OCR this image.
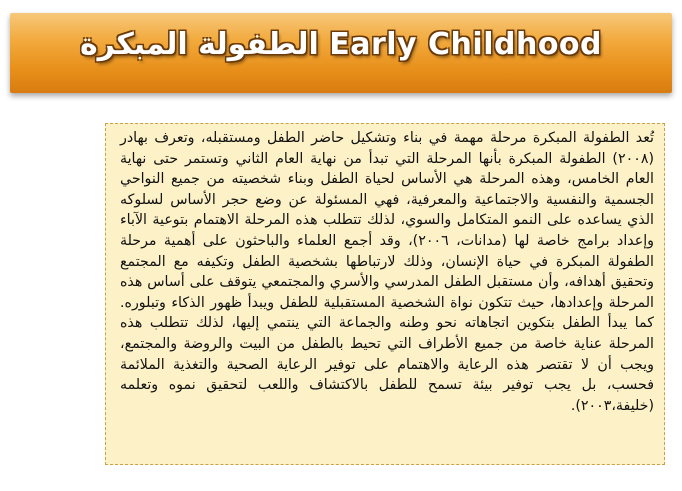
الطفولة المبكرة Early Childhood

تُعد الطفولة المبكرة مرحلة مهمة في بناء وتشكيل حاضر الطفل ومستقبله، وتعرف بهادر (٢٠٠٨) الطفولة المبكرة بأنها المرحلة التي تبدأ من نهاية العام الثاني وتستمر حتى نهاية العام الخامس، وهذه المرحلة هي الأساس لحياة الطفل وبناء شخصيته من جميع النواحي الجسمية والنفسية والاجتماعية والمعرفية، فهي المسئولة عن وضع حجر الأساس لسلوكه الذي يساعده على النمو المتكامل والسوي، لذلك تتطلب هذه المرحلة الاهتمام بتوعية الآباء وإعداد برامج خاصة لها (مدانات، ٢٠٠٦)، وقد أجمع العلماء والباحثون على أهمية مرحلة الطفولة المبكرة في حياة الإنسان، وذلك لارتباطها بشخصية الطفل وتكيفه مع المجتمع وتحقيق أهدافه، وأن مستقبل الطفل المدرسي والأسري والمجتمعي يتوقف على أساس هذه المرحلة وإعدادها، حيث تتكون نواة الشخصية المستقبلية للطفل ويبدأ ظهور الذكاء وتبلوره. كما يبدأ الطفل بتكوين اتجاهاته نحو وطنه والجماعة التي ينتمي إليها، لذلك تتطلب هذه المرحلة عناية خاصة من جميع الأطراف التي تحيط بالطفل من البيت والروضة والمجتمع، ويجب أن لا تقتصر هذه الرعاية والاهتمام على توفير الرعاية الصحية والتغذية الملائمة فحسب، بل يجب توفير بيئة تسمح للطفل بالاكتشاف واللعب لتحقيق نموه وتعلمه (خليفة،٢٠٠٣).
